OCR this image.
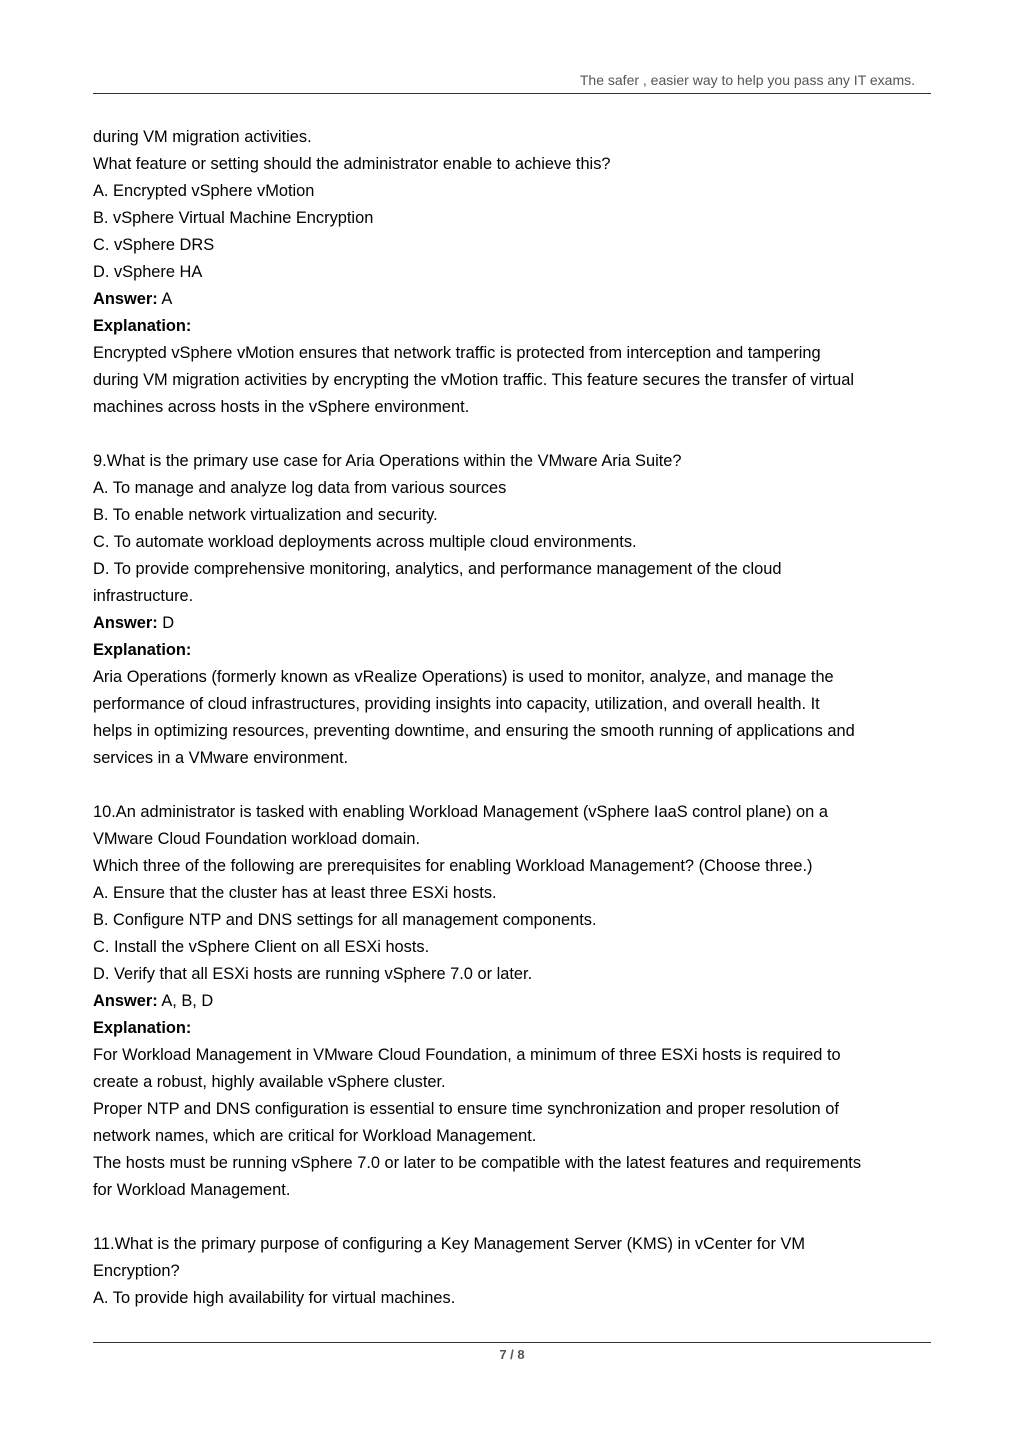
The safer , easier way to help you pass any IT exams.
during VM migration activities.
What feature or setting should the administrator enable to achieve this?
A. Encrypted vSphere vMotion
B. vSphere Virtual Machine Encryption
C. vSphere DRS
D. vSphere HA
Answer: A
Explanation:
Encrypted vSphere vMotion ensures that network traffic is protected from interception and tampering
during VM migration activities by encrypting the vMotion traffic. This feature secures the transfer of virtual
machines across hosts in the vSphere environment.
9.What is the primary use case for Aria Operations within the VMware Aria Suite?
A. To manage and analyze log data from various sources
B. To enable network virtualization and security.
C. To automate workload deployments across multiple cloud environments.
D. To provide comprehensive monitoring, analytics, and performance management of the cloud
infrastructure.
Answer: D
Explanation:
Aria Operations (formerly known as vRealize Operations) is used to monitor, analyze, and manage the
performance of cloud infrastructures, providing insights into capacity, utilization, and overall health. It
helps in optimizing resources, preventing downtime, and ensuring the smooth running of applications and
services in a VMware environment.
10.An administrator is tasked with enabling Workload Management (vSphere IaaS control plane) on a
VMware Cloud Foundation workload domain.
Which three of the following are prerequisites for enabling Workload Management? (Choose three.)
A. Ensure that the cluster has at least three ESXi hosts.
B. Configure NTP and DNS settings for all management components.
C. Install the vSphere Client on all ESXi hosts.
D. Verify that all ESXi hosts are running vSphere 7.0 or later.
Answer: A, B, D
Explanation:
For Workload Management in VMware Cloud Foundation, a minimum of three ESXi hosts is required to
create a robust, highly available vSphere cluster.
Proper NTP and DNS configuration is essential to ensure time synchronization and proper resolution of
network names, which are critical for Workload Management.
The hosts must be running vSphere 7.0 or later to be compatible with the latest features and requirements
for Workload Management.
11.What is the primary purpose of configuring a Key Management Server (KMS) in vCenter for VM
Encryption?
A. To provide high availability for virtual machines.
7 / 8
